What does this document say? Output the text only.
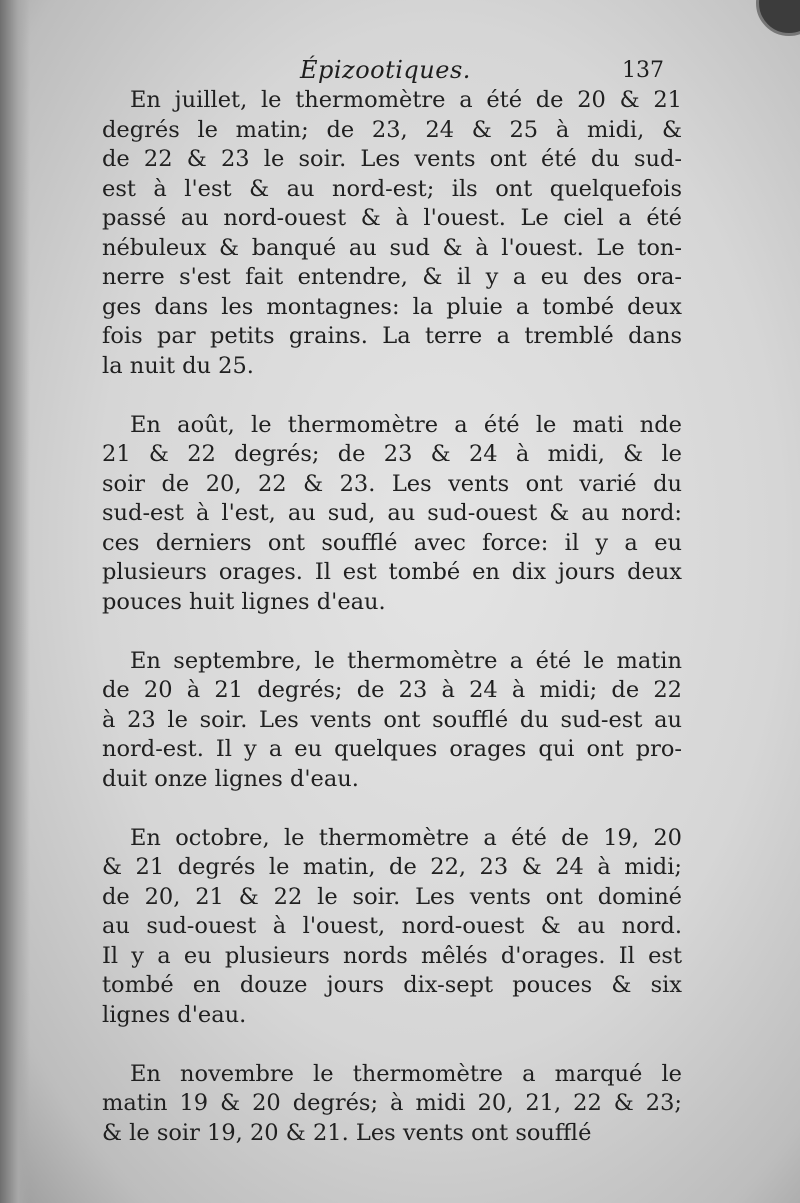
Épizootiques.	137
En juillet, le thermomètre a été de 20 & 21
degrés le matin; de 23, 24 & 25 à midi, &
de 22 & 23 le soir. Les vents ont été du sud-
est à l'est & au nord-est; ils ont quelquefois
passé au nord-ouest & à l'ouest. Le ciel a été
nébuleux & banqué au sud & à l'ouest. Le ton-
nerre s'est fait entendre, & il y a eu des ora-
ges dans les montagnes: la pluie a tombé deux
fois par petits grains. La terre a tremblé dans
la nuit du 25.
En août, le thermomètre a été le mati nde
21 & 22 degrés; de 23 & 24 à midi, & le
soir de 20, 22 & 23. Les vents ont varié du
sud-est à l'est, au sud, au sud-ouest & au nord:
ces derniers ont soufflé avec force: il y a eu
plusieurs orages. Il est tombé en dix jours deux
pouces huit lignes d'eau.
En septembre, le thermomètre a été le matin
de 20 à 21 degrés; de 23 à 24 à midi; de 22
à 23 le soir. Les vents ont soufflé du sud-est au
nord-est. Il y a eu quelques orages qui ont pro-
duit onze lignes d'eau.
En octobre, le thermomètre a été de 19, 20
& 21 degrés le matin, de 22, 23 & 24 à midi;
de 20, 21 & 22 le soir. Les vents ont dominé
au sud-ouest à l'ouest, nord-ouest & au nord.
Il y a eu plusieurs nords mêlés d'orages. Il est
tombé en douze jours dix-sept pouces & six
lignes d'eau.
En novembre le thermomètre a marqué le
matin 19 & 20 degrés; à midi 20, 21, 22 & 23;
& le soir 19, 20 & 21. Les vents ont soufflé
